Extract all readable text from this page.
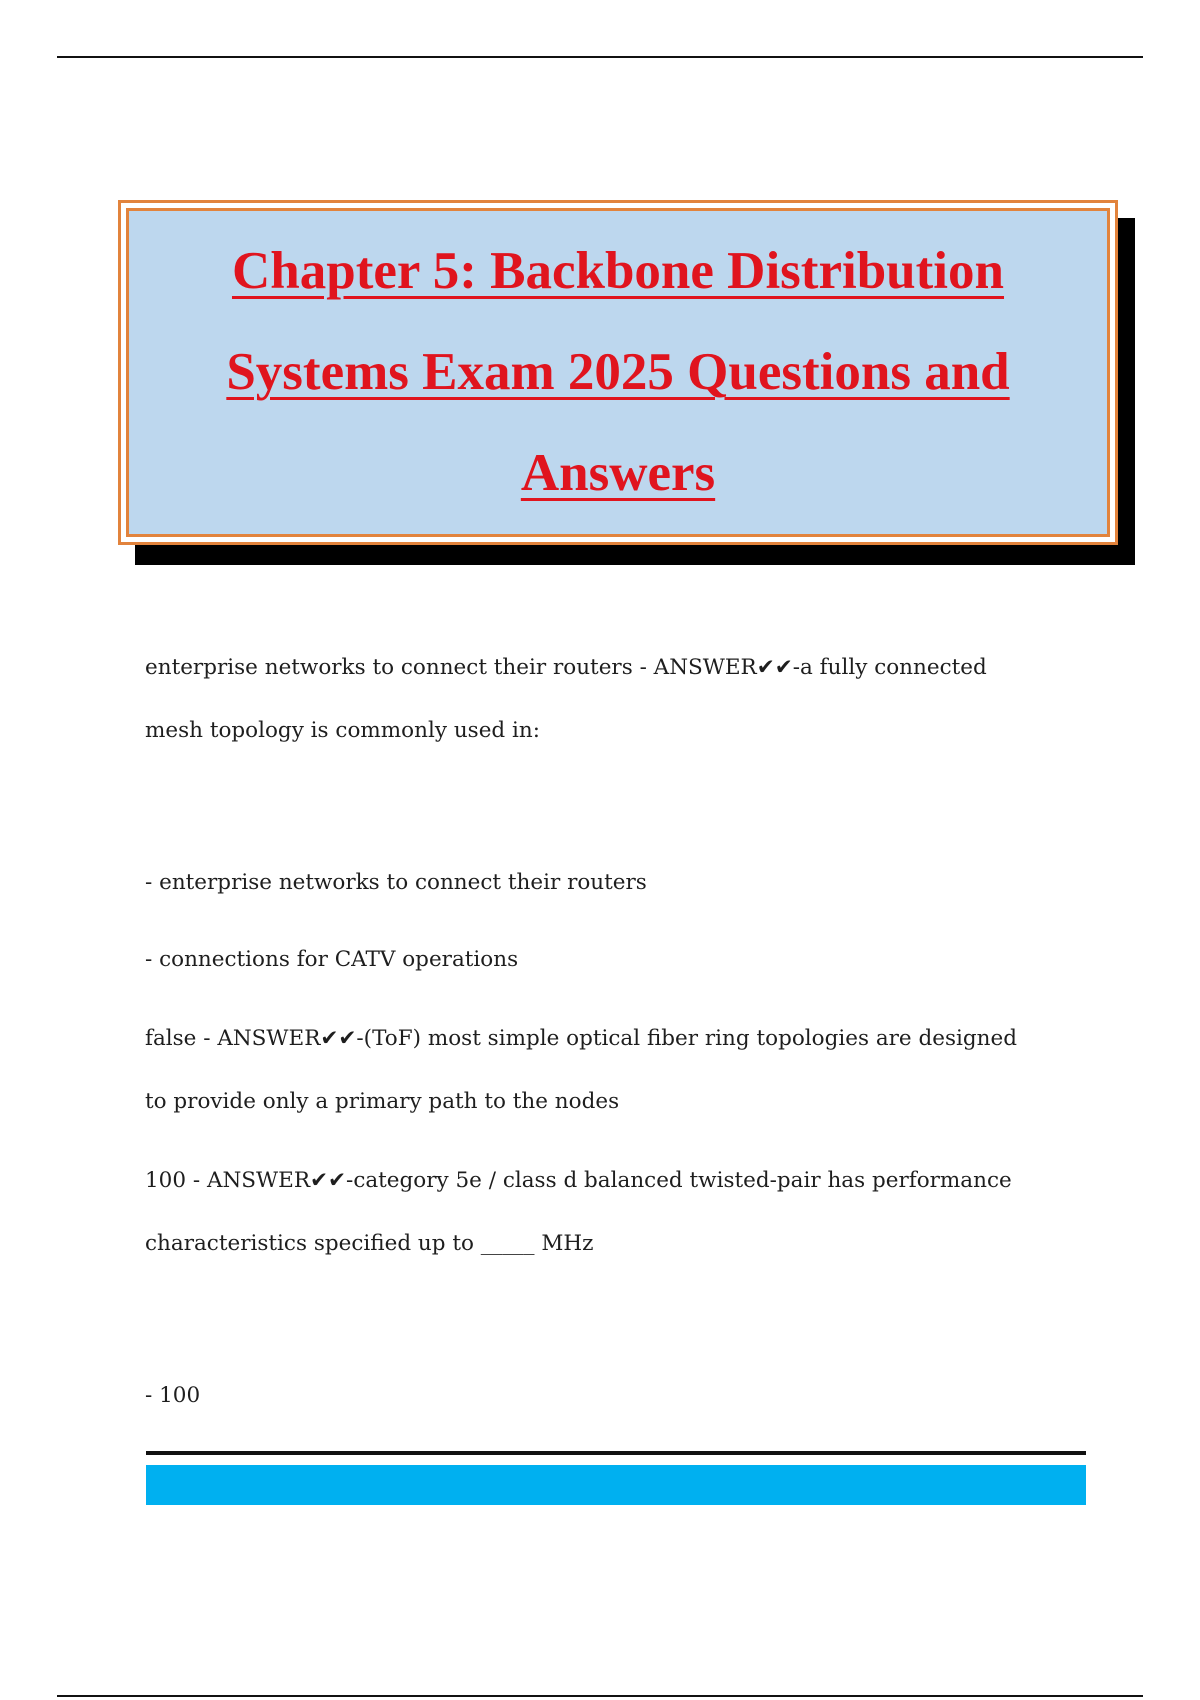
Chapter 5: Backbone Distribution Systems Exam 2025 Questions and Answers

enterprise networks to connect their routers - ANSWER✔✔-a fully connected mesh topology is commonly used in:

- enterprise networks to connect their routers

- connections for CATV operations

false - ANSWER✔✔-(ToF) most simple optical fiber ring topologies are designed to provide only a primary path to the nodes

100 - ANSWER✔✔-category 5e / class d balanced twisted-pair has performance characteristics specified up to _____ MHz

- 100
